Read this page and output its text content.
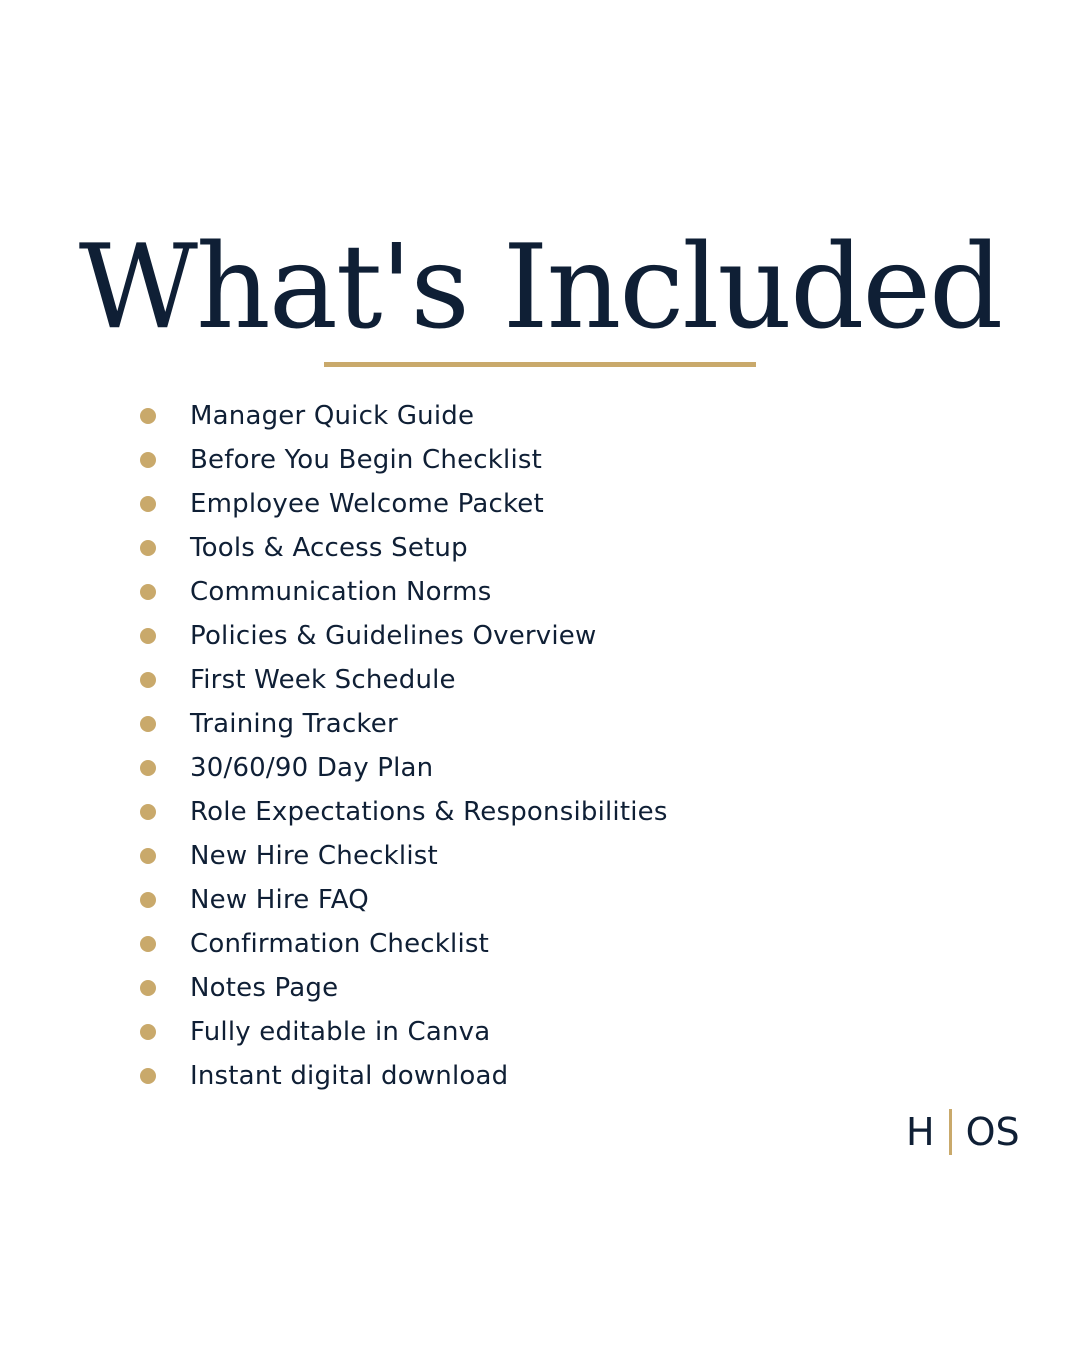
What's Included
Manager Quick Guide
Before You Begin Checklist
Employee Welcome Packet
Tools & Access Setup
Communication Norms
Policies & Guidelines Overview
First Week Schedule
Training Tracker
30/60/90 Day Plan
Role Expectations & Responsibilities
New Hire Checklist
New Hire FAQ
Confirmation Checklist
Notes Page
Fully editable in Canva
Instant digital download
H OS
